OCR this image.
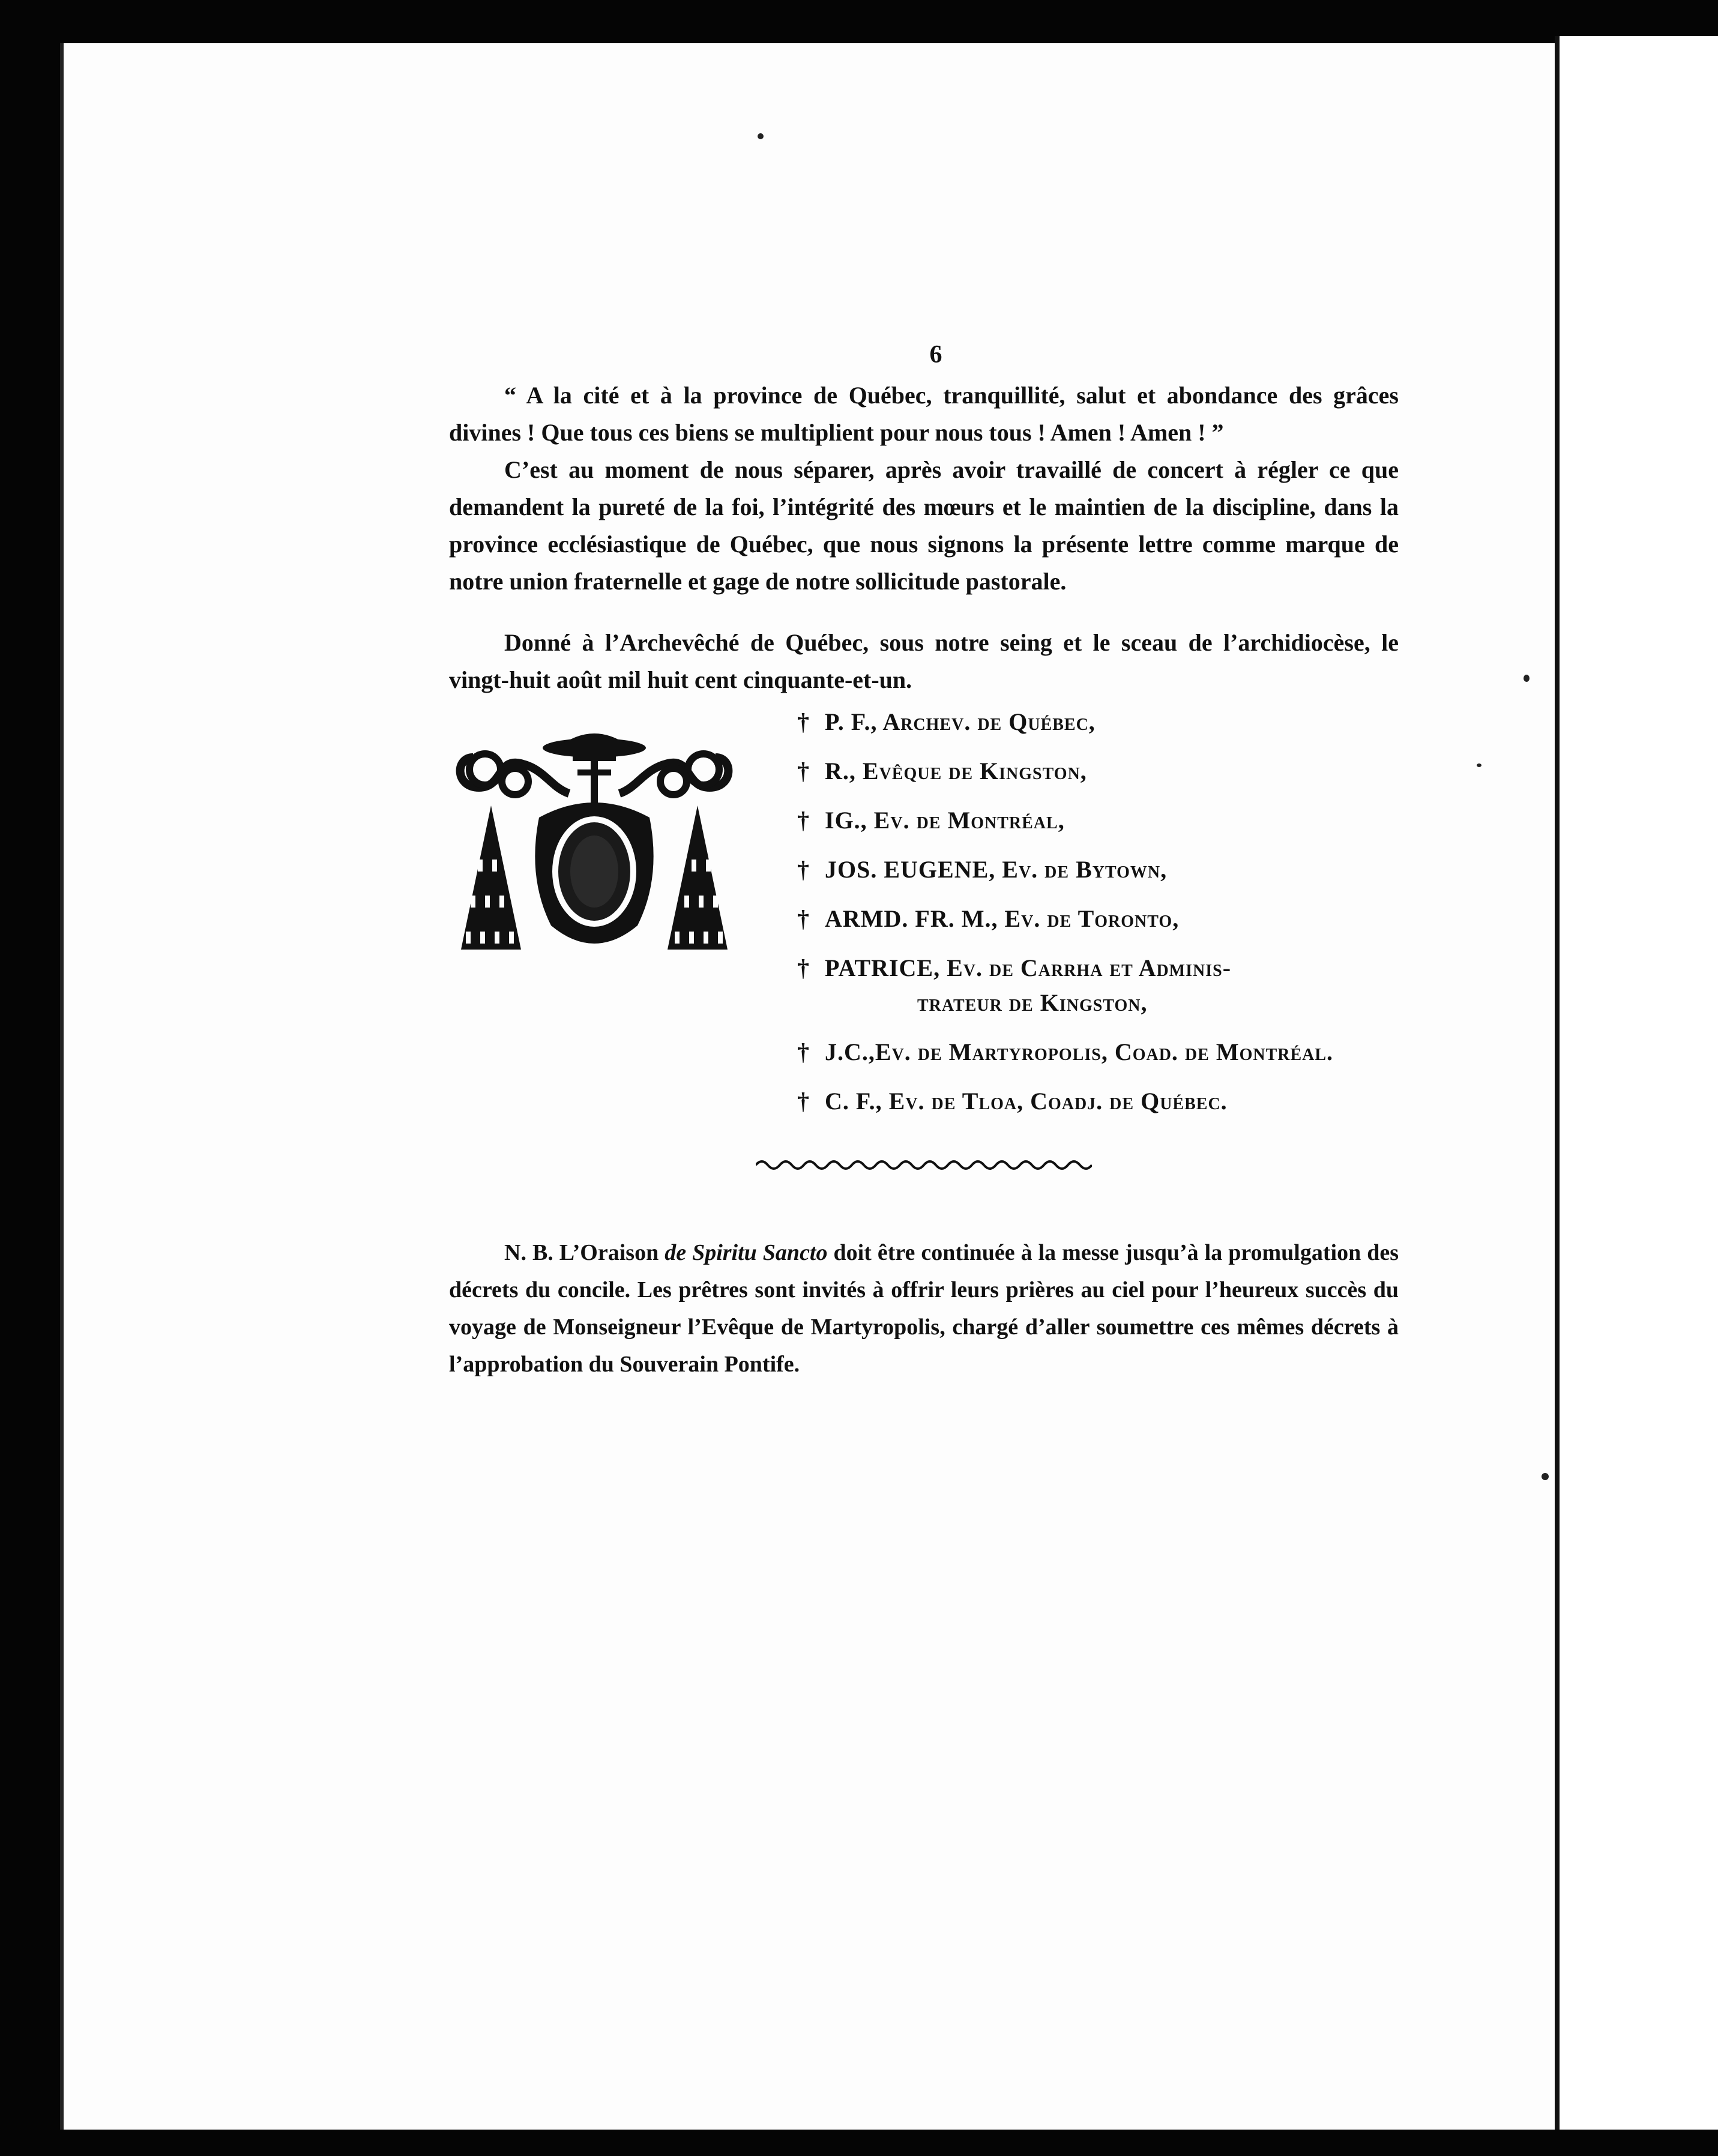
6

“ A la cité et à la province de Québec, tranquillité, salut et abondance des grâces divines ! Que tous ces biens se multiplient pour nous tous ! Amen ! Amen ! ”

C’est au moment de nous séparer, après avoir travaillé de concert à régler ce que demandent la pureté de la foi, l’intégrité des mœurs et le maintien de la discipline, dans la province ecclésiastique de Québec, que nous signons la présente lettre comme marque de notre union fraternelle et gage de notre sollicitude pastorale.

Donné à l’Archevêché de Québec, sous notre seing et le sceau de l’archidiocèse, le vingt-huit août mil huit cent cinquante-et-un.

† P. F., Archev. de Québec,
† R., Evêque de Kingston,
† IG., Ev. de Montréal,
† JOS. EUGENE, Ev. de Bytown,
† ARMD. FR. M., Ev. de Toronto,
† PATRICE, Ev. de Carrha et Adminis-
trateur de Kingston,
† J.C.,Ev. de Martyropolis, Coad. de Montréal.
† C. F., Ev. de Tloa, Coadj. de Québec.

N. B. L’Oraison de Spiritu Sancto doit être continuée à la messe jusqu’à la promulgation des décrets du concile. Les prêtres sont invités à offrir leurs prières au ciel pour l’heureux succès du voyage de Monseigneur l’Evêque de Martyropolis, chargé d’aller soumettre ces mêmes décrets à l’approbation du Souverain Pontife.
